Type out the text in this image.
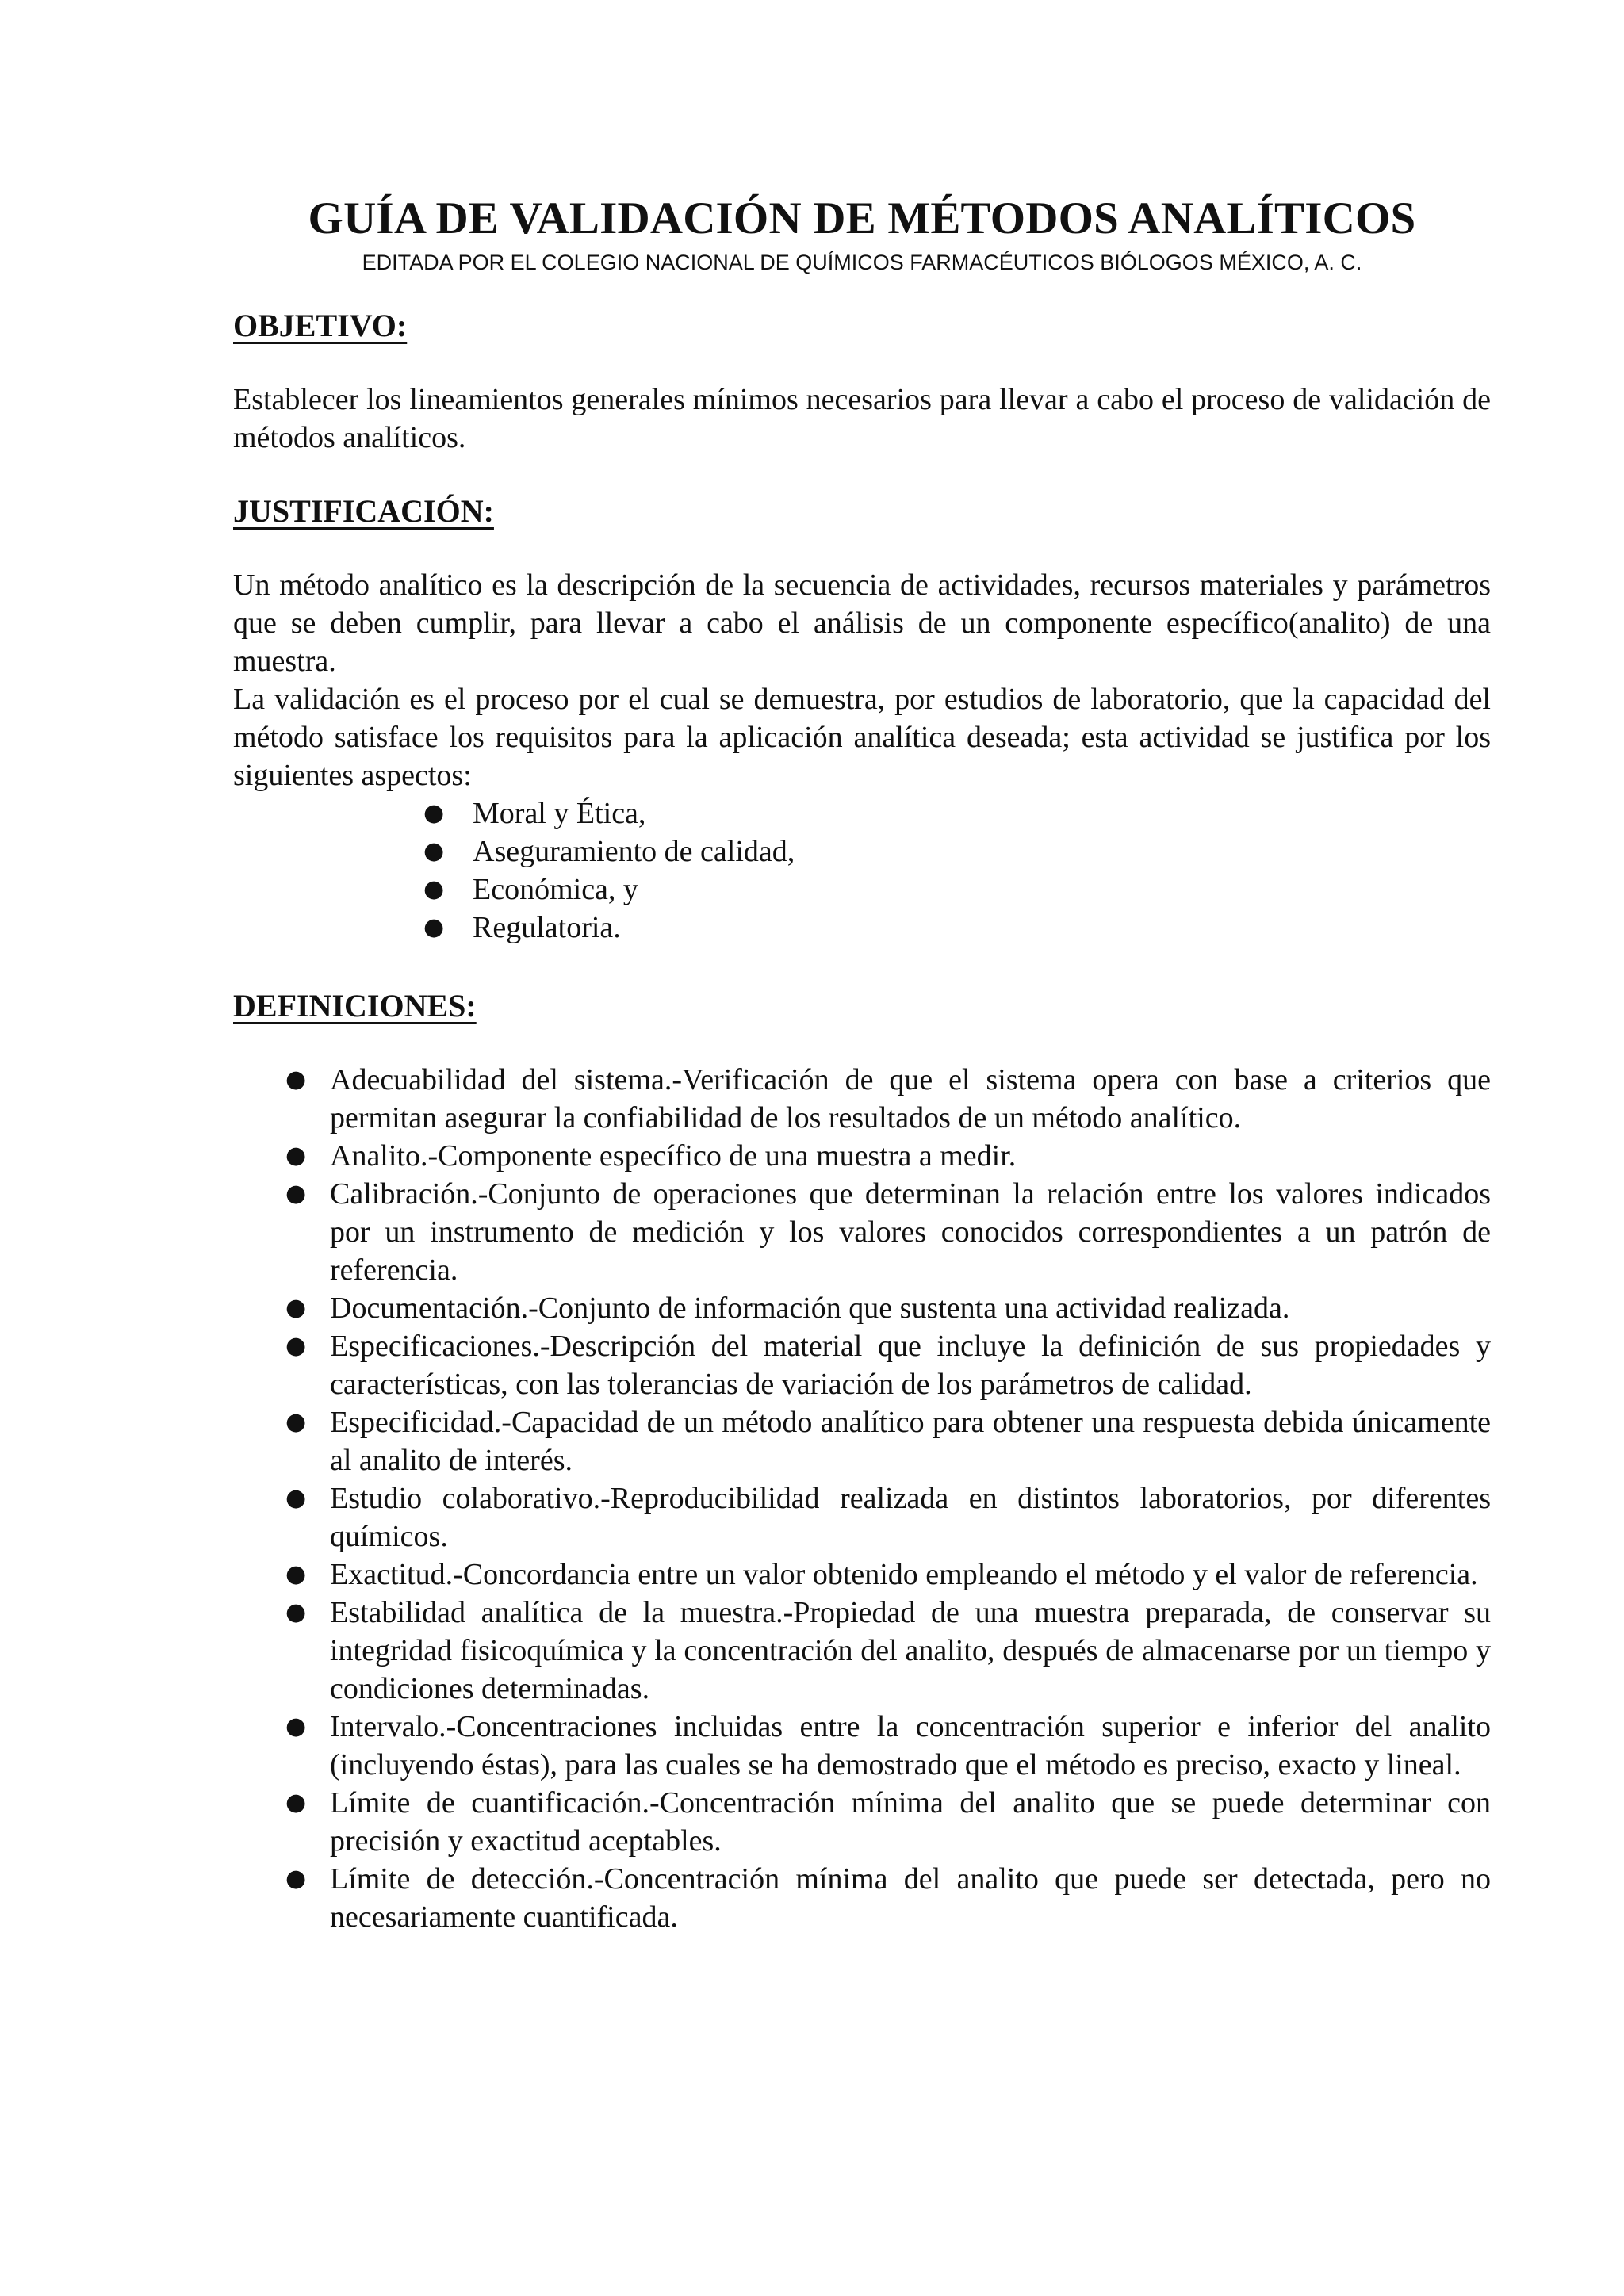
GUÍA DE VALIDACIÓN DE MÉTODOS ANALÍTICOS

EDITADA POR EL COLEGIO NACIONAL DE QUÍMICOS FARMACÉUTICOS BIÓLOGOS MÉXICO, A. C.

OBJETIVO:

Establecer los lineamientos generales mínimos necesarios para llevar a cabo el proceso de validación de métodos analíticos.

JUSTIFICACIÓN:

Un método analítico es la descripción de la secuencia de actividades, recursos materiales y parámetros que se deben cumplir, para llevar a cabo el análisis de un componente específico(analito) de una muestra.

La validación es el proceso por el cual se demuestra, por estudios de laboratorio, que la capacidad del método satisface los requisitos para la aplicación analítica deseada; esta actividad se justifica por los siguientes aspectos:

● Moral y Ética,
● Aseguramiento de calidad,
● Económica, y
● Regulatoria.
DEFINICIONES:
● Adecuabilidad del sistema.-Verificación de que el sistema opera con base a criterios que permitan asegurar la confiabilidad de los resultados de un método analítico.
● Analito.-Componente específico de una muestra a medir.
● Calibración.-Conjunto de operaciones que determinan la relación entre los valores indicados por un instrumento de medición y los valores conocidos correspondientes a un patrón de referencia.
● Documentación.-Conjunto de información que sustenta una actividad realizada.
● Especificaciones.-Descripción del material que incluye la definición de sus propiedades y características, con las tolerancias de variación de los parámetros de calidad.
● Especificidad.-Capacidad de un método analítico para obtener una respuesta debida únicamente al analito de interés.
● Estudio colaborativo.-Reproducibilidad realizada en distintos laboratorios, por diferentes químicos.
● Exactitud.-Concordancia entre un valor obtenido empleando el método y el valor de referencia.
● Estabilidad analítica de la muestra.-Propiedad de una muestra preparada, de conservar su integridad fisicoquímica y la concentración del analito, después de almacenarse por un tiempo y condiciones determinadas.
● Intervalo.-Concentraciones incluidas entre la concentración superior e inferior del analito (incluyendo éstas), para las cuales se ha demostrado que el método es preciso, exacto y lineal.
● Límite de cuantificación.-Concentración mínima del analito que se puede determinar con precisión y exactitud aceptables.
● Límite de detección.-Concentración mínima del analito que puede ser detectada, pero no necesariamente cuantificada.
